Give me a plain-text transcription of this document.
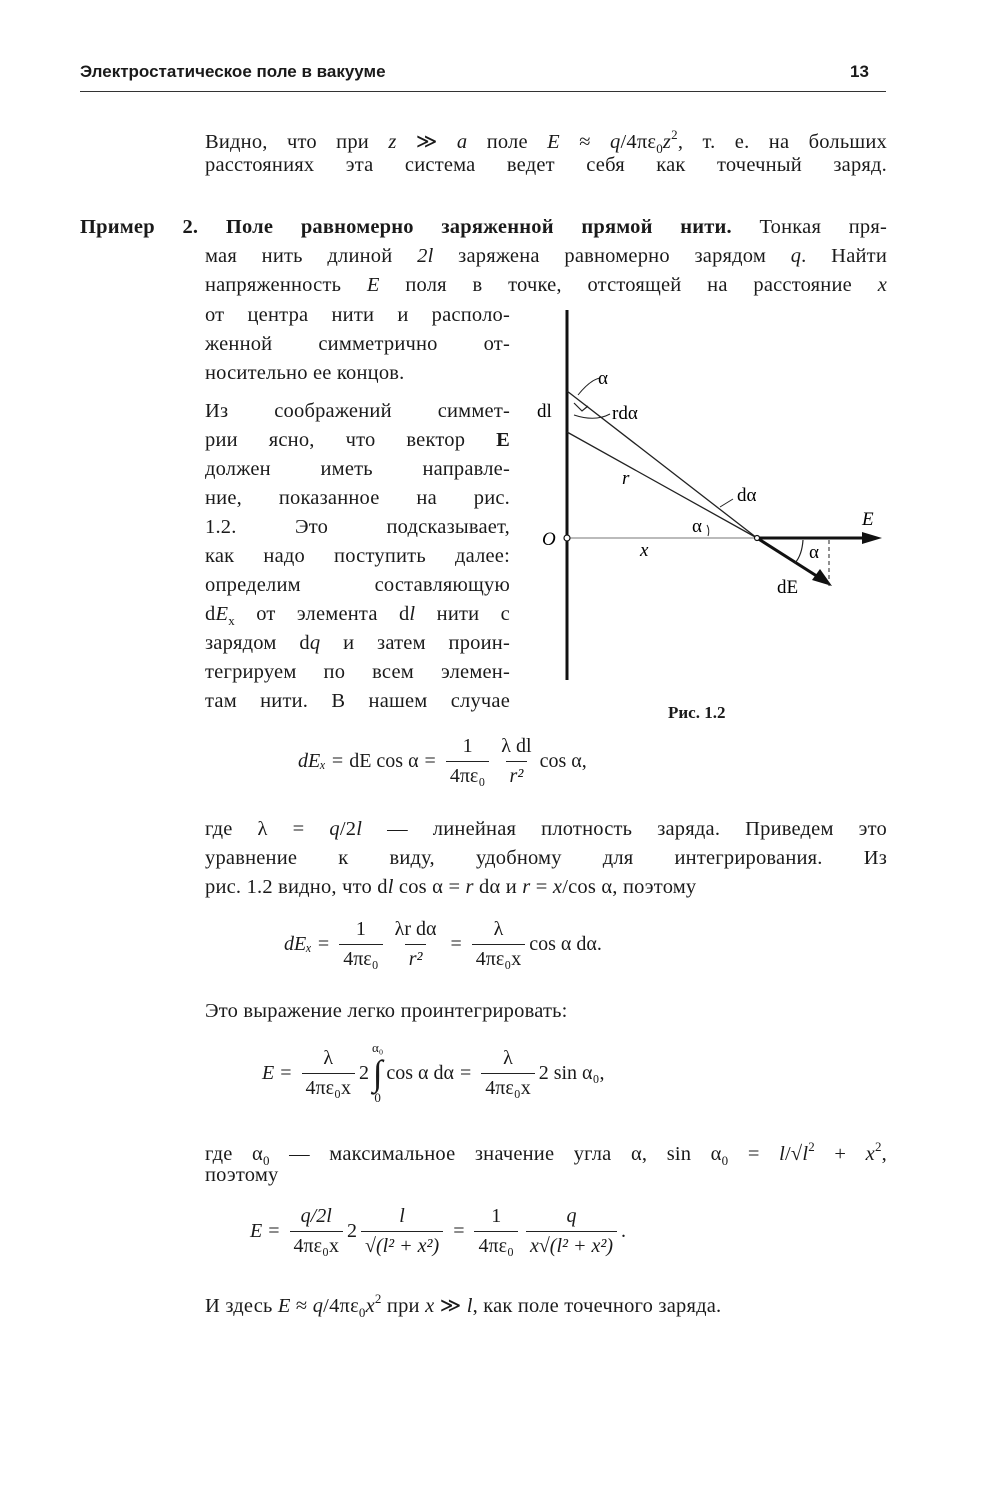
Электростатическое поле в вакууме	13
Видно, что при z ≫ a поле $E \approx q/4\pi\varepsilon_0z^2$, т. е. на больших
расстояниях эта система ведет себя как точечный заряд.
Пример 2. Поле равномерно заряженной прямой нити. Тонкая пря-
мая нить длиной 2l заряжена равномерно зарядом q. Найти
напряженность E поля в точке, отстоящей на расстояние x
от центра нити и располо-
женной симметрично от-
носительно ее концов.
Из соображений симмет-
рии ясно, что вектор E
должен иметь направле-
ние, показанное на рис.
1.2. Это подсказывает,
как надо поступить далее:
определим составляющую
$dE_x$ от элемента dl нити с
зарядом dq и затем проин-
тегрируем по всем элемен-
там нити. В нашем случае
где λ = q/2l — линейная плотность заряда. Приведем это
уравнение к виду, удобному для интегрирования. Из
рис. 1.2 видно, что dl cos α = r dα и r = x/cos α, поэтому
Это выражение легко проинтегрировать:
где $\alpha_0$ — максимальное значение угла α, $\sin \alpha_0 = l/√l^2 + x^2$,
поэтому
И здесь $E \approx q/4\pi\varepsilon_0x^2$ при x ≫ l, как поле точечного заряда.
α
dl	rdα
r
dα
α
O
x
E
α
dE
Рис. 1.2
dEₓ = dE $\cos \alpha = \frac{1}{\text{4πε₀}} \frac{\text{λ dl}}{\text{r²}}$ cos α,
$dE_x = \frac{1}{\text{4πε₀}} \frac{\text{λr dα}}{\text{r²}} = \frac{\lambda}{\text{4πε₀x}}$ cos α dα.
$E = \frac{\lambda}{\text{4πε₀x}} 2$
α₀
∫
0
cos α $d\alpha = \frac{\lambda}{\text{4πε₀x}} 2$ sin α₀,
$E = \frac{q/2l}{\text{4πε₀x}} 2 \frac{l}{\text{√(l² + x²)}} = \frac{1}{\text{4πε₀}} \frac{q}{\text{x√(l² + x²)}}$ .
